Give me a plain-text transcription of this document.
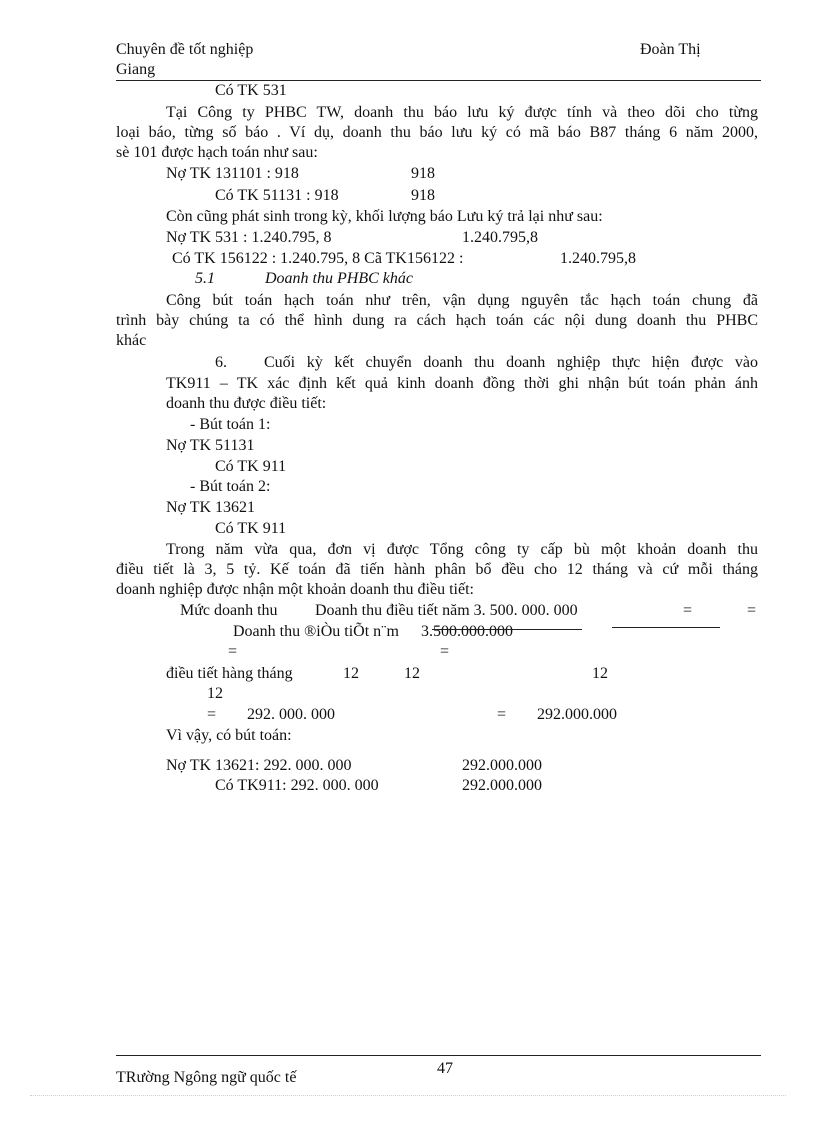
Chuyên đề tốt nghiệp	Đoàn Thị
Giang
Có TK 531
Tại Công ty PHBC TW, doanh thu báo lưu ký được tính và theo dõi cho từng
loại báo, từng số báo . Ví dụ, doanh thu báo lưu ký có mã báo B87 tháng 6 năm 2000,
sè 101 được hạch toán như sau:
Nợ TK 131101 : 918	918
Có TK 51131 : 918	918
Còn cũng phát sinh trong kỳ, khối lượng báo Lưu ký trả lại như sau:
Nợ TK 531 : 1.240.795, 8	1.240.795,8
Có TK 156122 : 1.240.795, 8 Cã TK156122 :	1.240.795,8
5.1	Doanh thu PHBC khác
Công bút toán hạch toán như trên, vận dụng nguyên tắc hạch toán chung đã
trình bày chúng ta có thể hình dung ra cách hạch toán các nội dung doanh thu PHBC
khác
6. Cuối kỳ kết chuyển doanh thu doanh nghiệp thực hiện được vào
TK911 – TK xác định kết quả kinh doanh đồng thời ghi nhận bút toán phản ánh
doanh thu được điều tiết:
- Bút toán 1:
Nợ TK 51131
Có TK 911
- Bút toán 2:
Nợ TK 13621
Có TK 911
Trong năm vừa qua, đơn vị được Tổng công ty cấp bù một khoản doanh thu
điều tiết là 3, 5 tỷ. Kế toán đã tiến hành phân bổ đều cho 12 tháng và cứ mỗi tháng
doanh nghiệp được nhận một khoản doanh thu điều tiết:
Mức doanh thu Doanh thu điều tiết năm 3. 500. 000. 000	=	=
Doanh thu ®iÒu tiÕt n¨m 3.500.000.000
=	=
điều tiết hàng tháng	12	12	12
12
= 292. 000. 000	= 292.000.000
Vì vậy, có bút toán:
Nợ TK 13621: 292. 000. 000	292.000.000
Có TK911: 292. 000. 000	292.000.000
47
TRường Ngông ngữ quốc tế
